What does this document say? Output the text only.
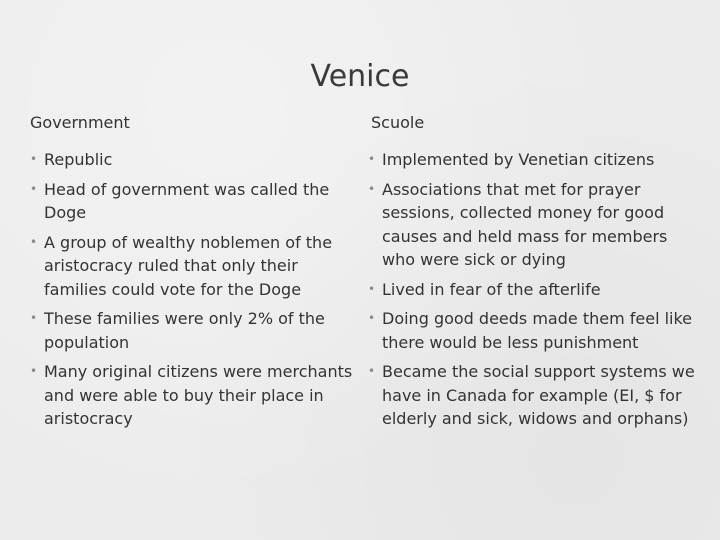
Venice
Government	Scuole
• Republic
• Head of government was called the Doge
• A group of wealthy noblemen of the aristocracy ruled that only their families could vote for the Doge
• These families were only 2% of the population
• Many original citizens were merchants and were able to buy their place in aristocracy
• Implemented by Venetian citizens
• Associations that met for prayer sessions, collected money for good causes and held mass for members who were sick or dying
• Lived in fear of the afterlife
• Doing good deeds made them feel like there would be less punishment
• Became the social support systems we have in Canada for example (EI, $ for elderly and sick, widows and orphans)
